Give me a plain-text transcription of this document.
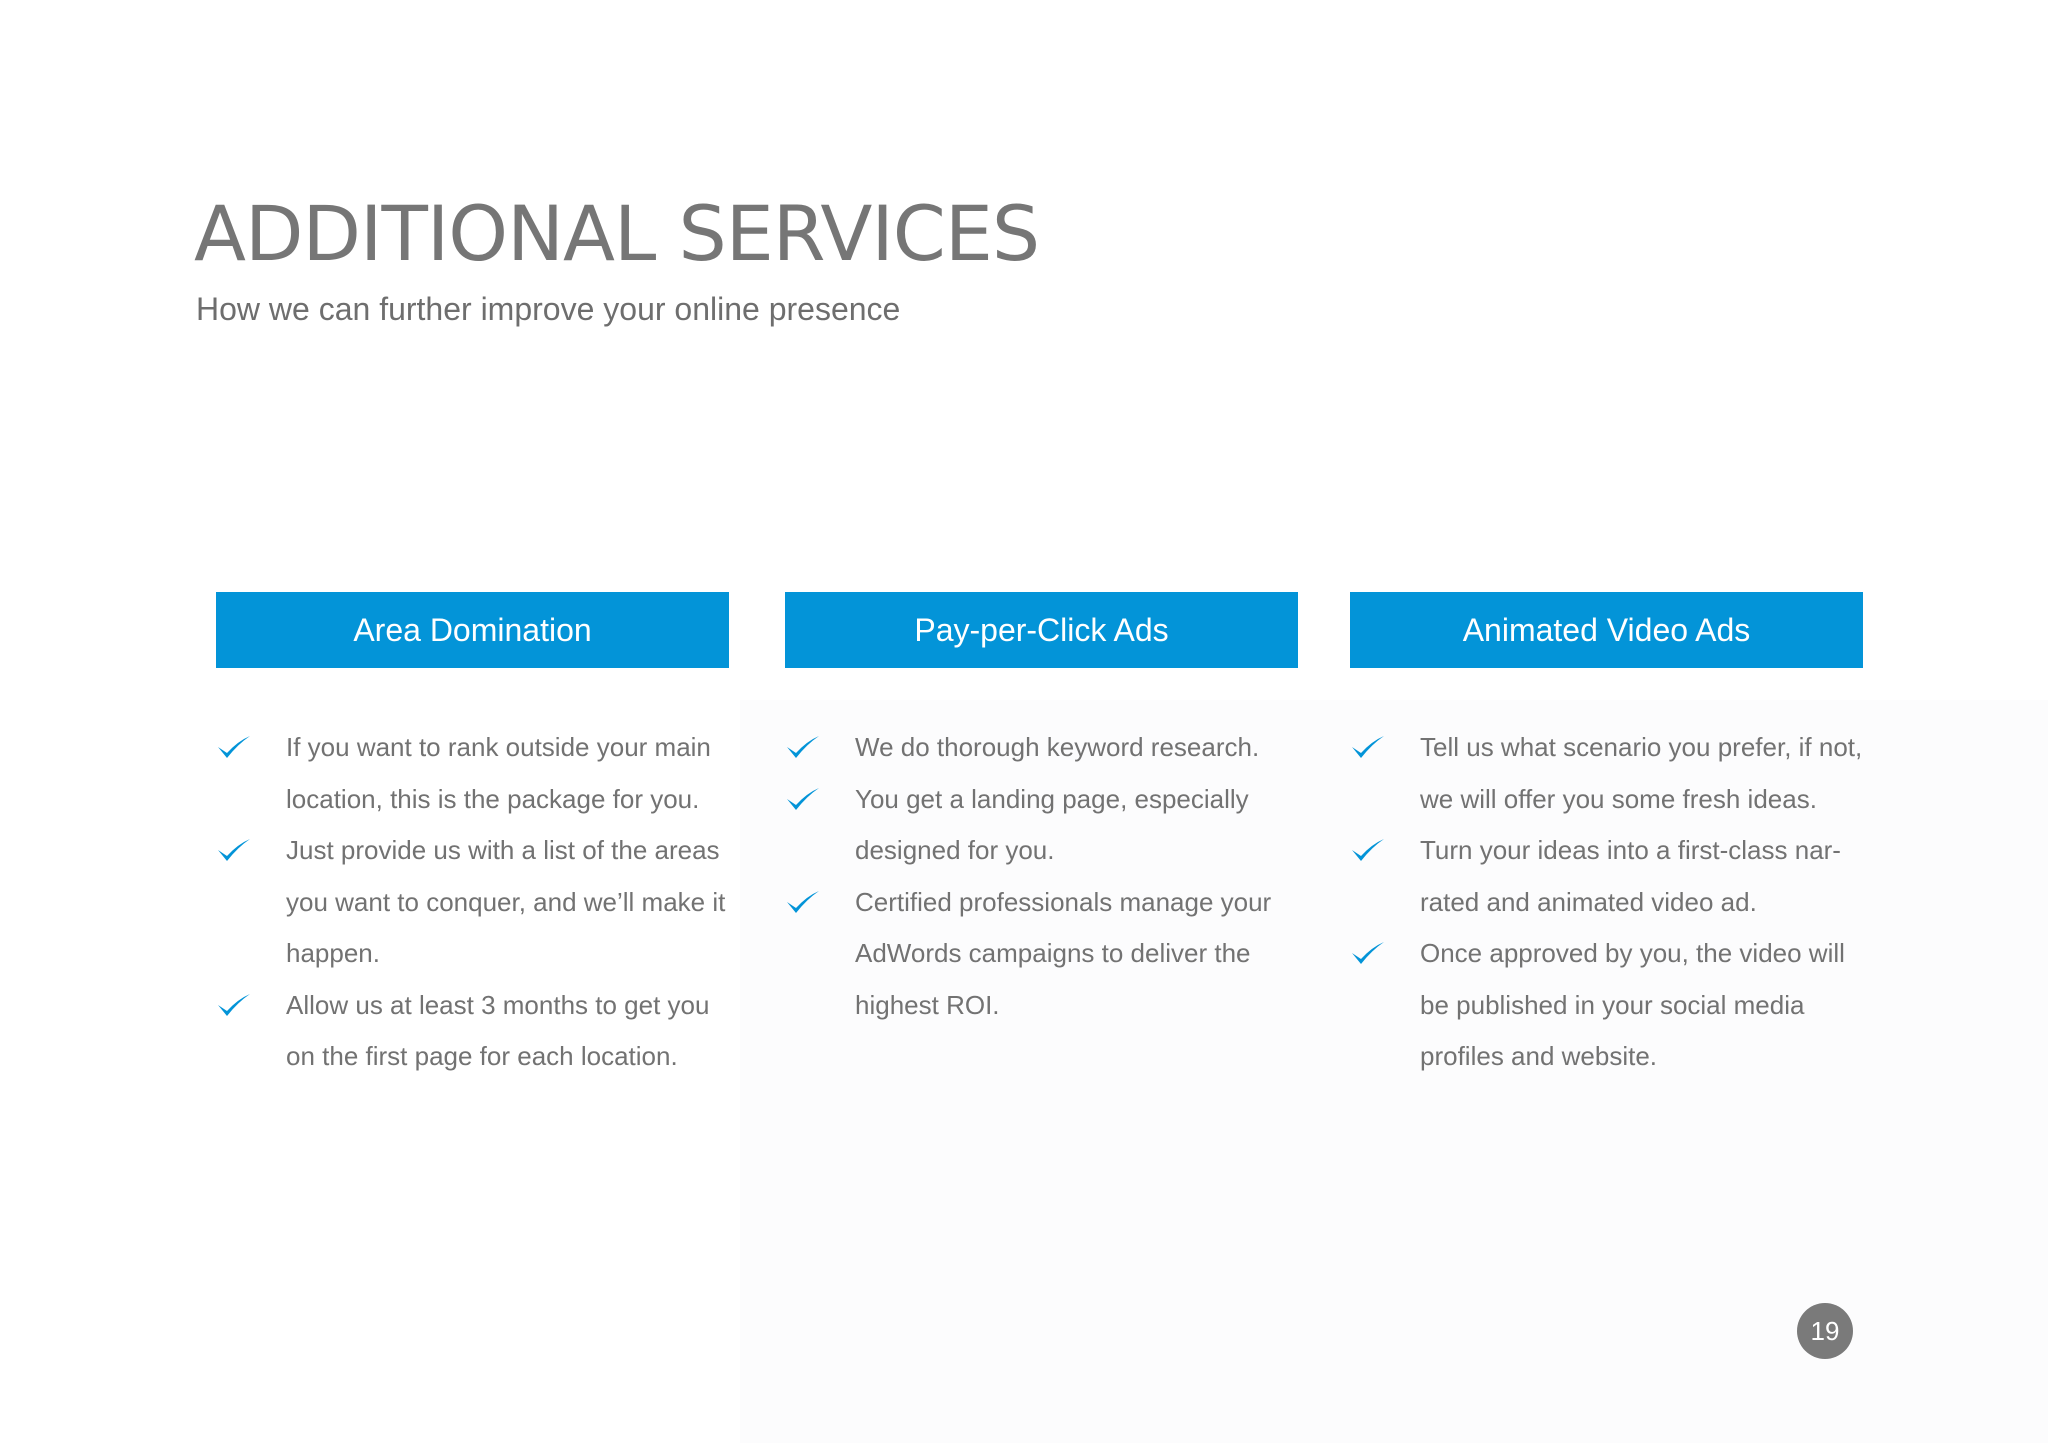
ADDITIONAL SERVICES

How we can further improve your online presence

Area Domination
If you want to rank outside your main location, this is the package for you.
Just provide us with a list of the areas you want to conquer, and we’ll make it happen.
Allow us at least 3 months to get you on the first page for each location.
Pay-per-Click Ads
We do thorough keyword research.
You get a landing page, especially designed for you.
Certified professionals manage your AdWords campaigns to deliver the highest ROI.
Animated Video Ads
Tell us what scenario you prefer, if not, we will offer you some fresh ideas.
Turn your ideas into a first-class nar-rated and animated video ad.
Once approved by you, the video will be published in your social media profiles and website.
19
